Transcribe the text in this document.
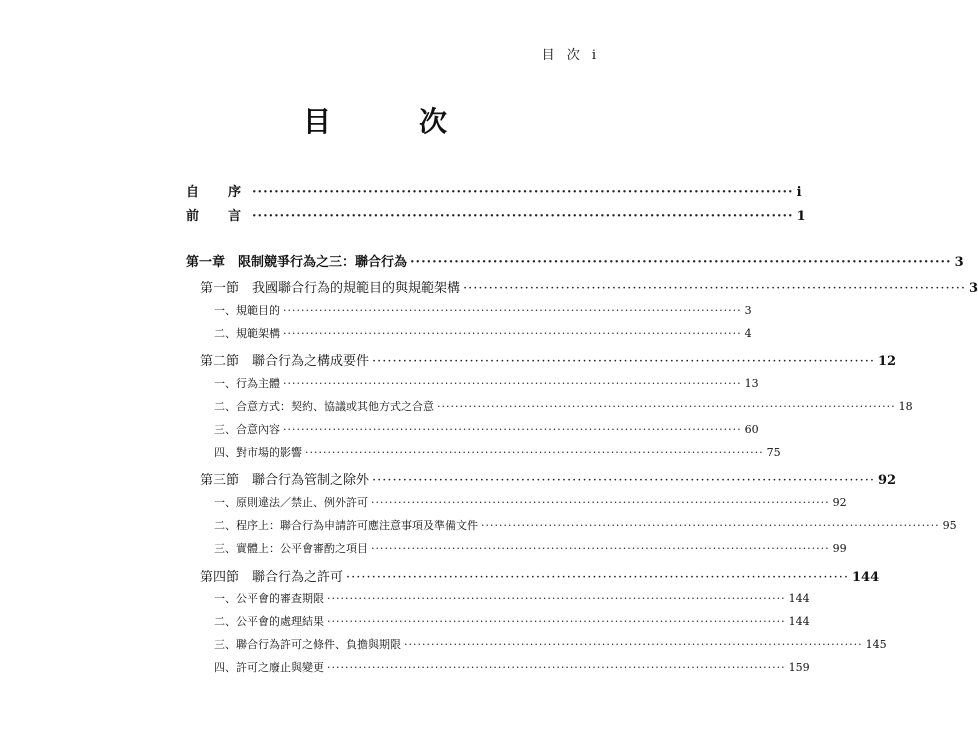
目 次 i
目　次
自　序 ·································································································· i
前　言 ·································································································· 1
第一章　限制競爭行為之三：聯合行為 ·································································································· 3
第一節　我國聯合行為的規範目的與規範架構 ·································································································· 3
一、規範目的 ······································································································ 3
二、規範架構 ······································································································ 4
第二節　聯合行為之構成要件 ·································································································· 12
一、行為主體 ······································································································ 13
二、合意方式：契約、協議或其他方式之合意 ······································································································ 18
三、合意內容 ······································································································ 60
四、對市場的影響 ······································································································ 75
第三節　聯合行為管制之除外 ·································································································· 92
一、原則違法／禁止、例外許可 ······································································································ 92
二、程序上：聯合行為申請許可應注意事項及準備文件 ······································································································ 95
三、實體上：公平會審酌之項目 ······································································································ 99
第四節　聯合行為之許可 ·································································································· 144
一、公平會的審查期限 ······································································································ 144
二、公平會的處理結果 ······································································································ 144
三、聯合行為許可之條件、負擔與期限 ······································································································ 145
四、許可之廢止與變更 ······································································································ 159
